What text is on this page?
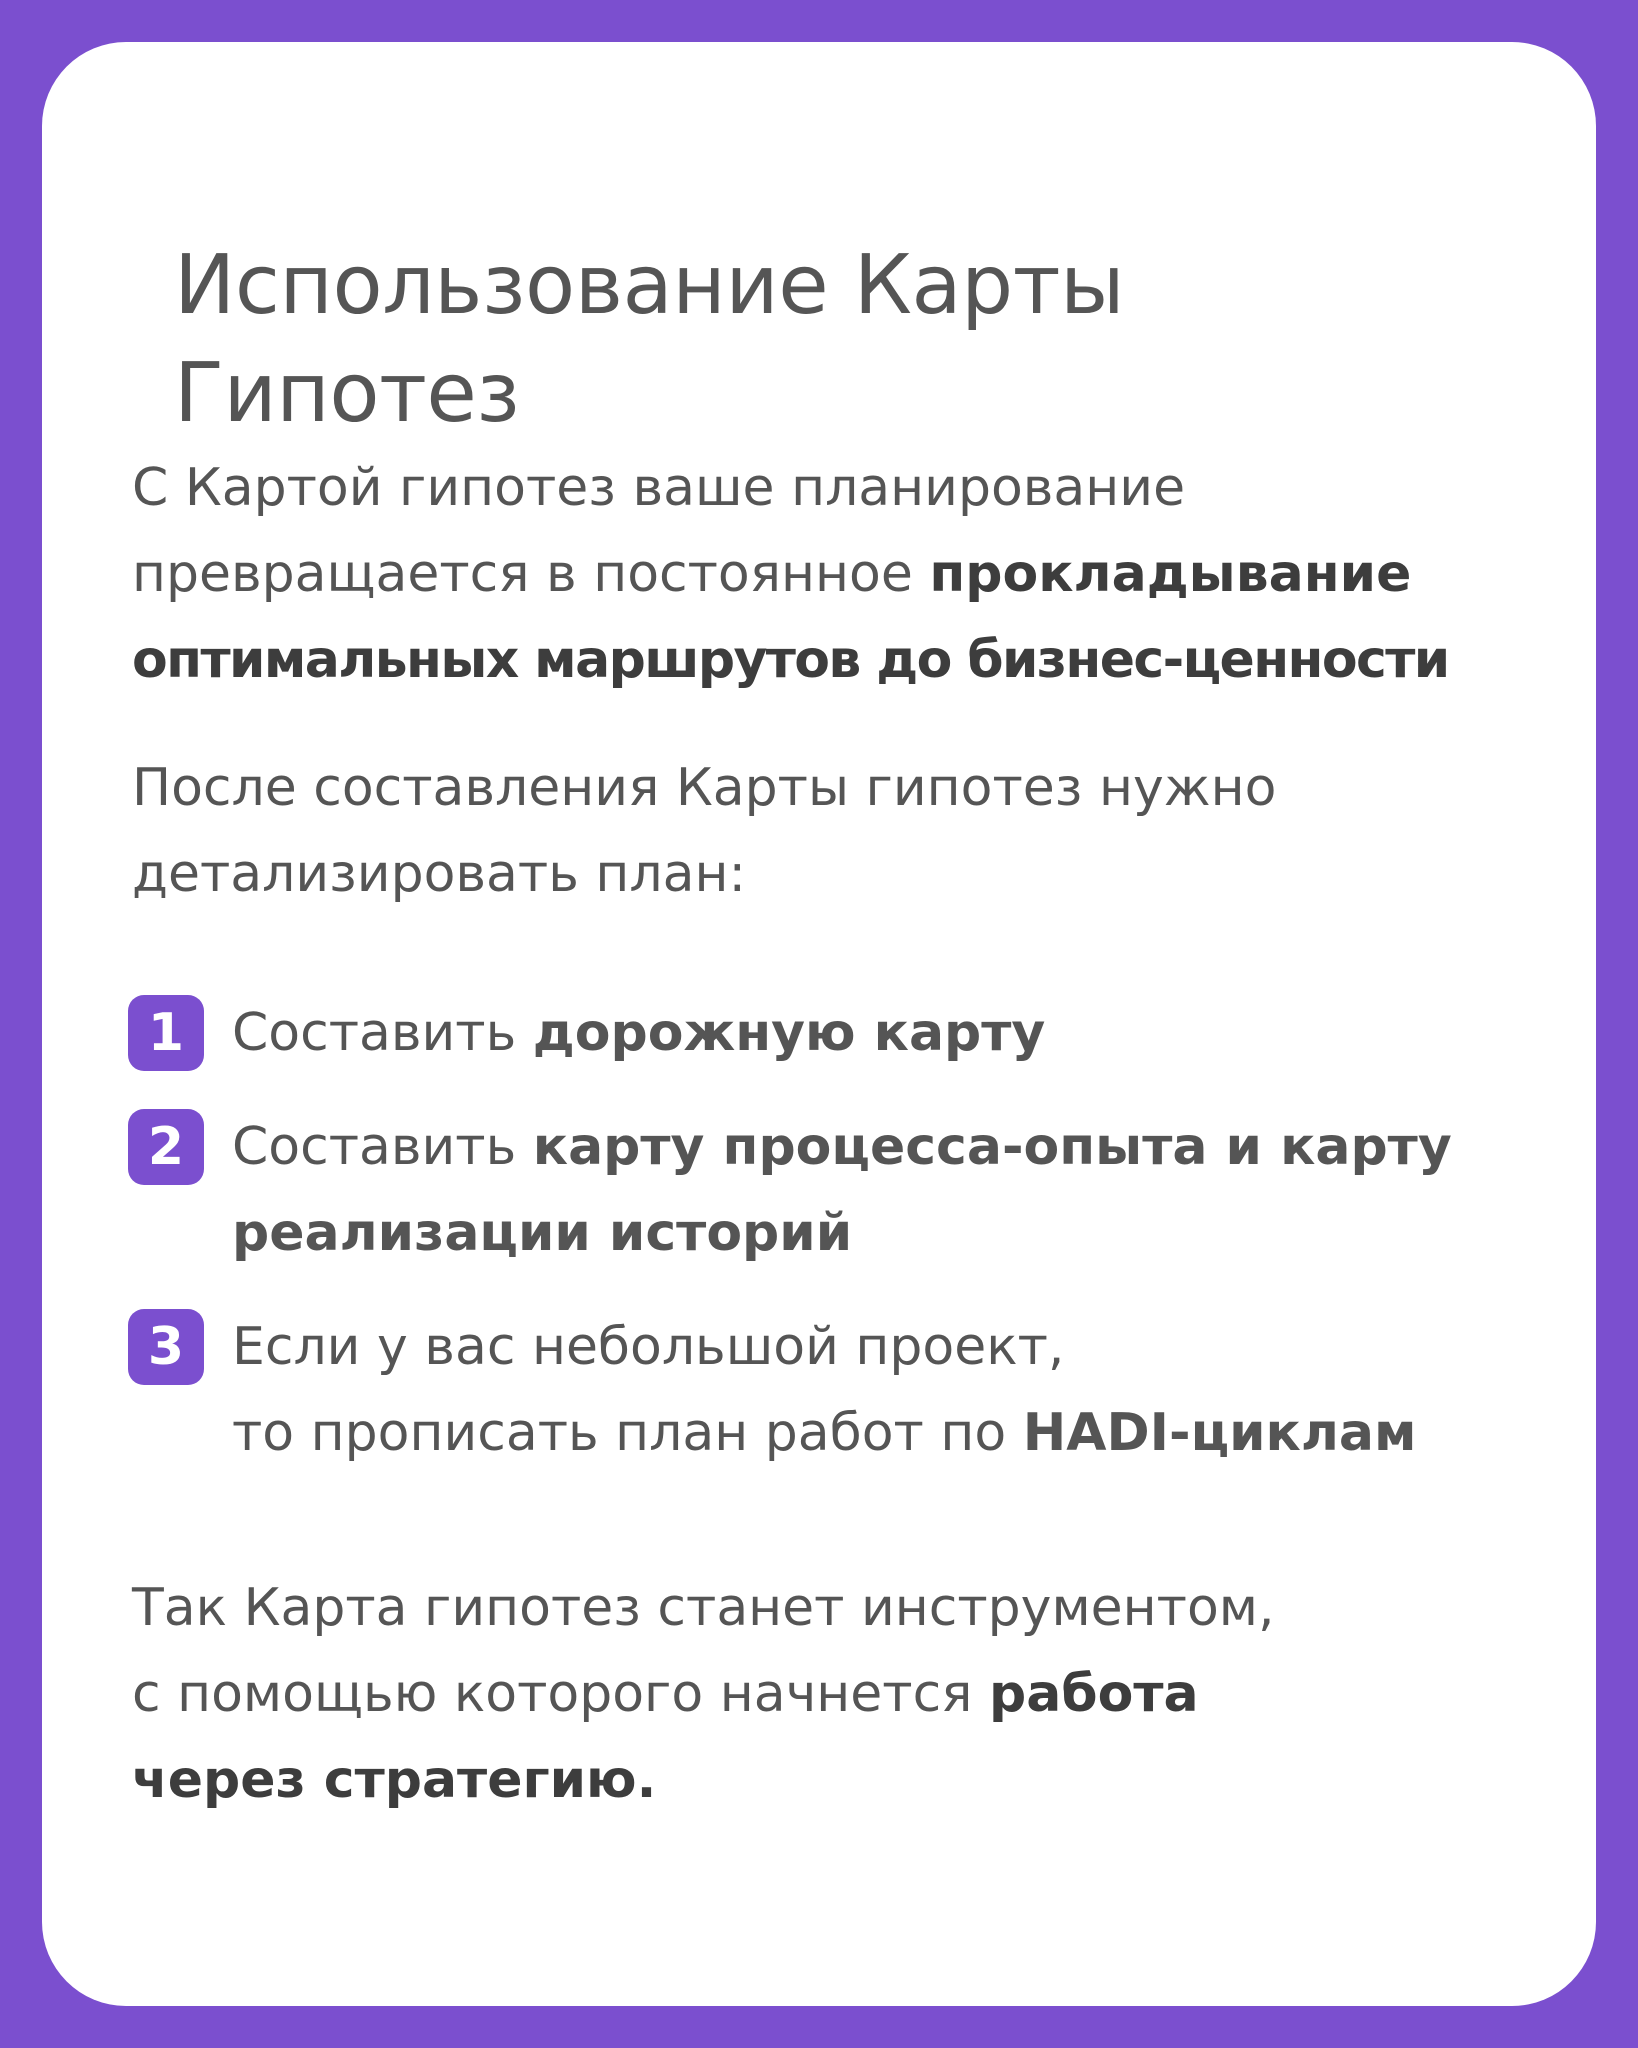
Использование Карты
Гипотез

С Картой гипотез ваше планирование
превращается в постоянное прокладывание
оптимальных маршрутов до бизнес-ценности

После составления Карты гипотез нужно
детализировать план:

1 Составить дорожную карту
2 Составить карту процесса-опыта и карту
реализации историй
3 Если у вас небольшой проект,
то прописать план работ по HADI-циклам

Так Карта гипотез станет инструментом,
с помощью которого начнется работа
через стратегию.
